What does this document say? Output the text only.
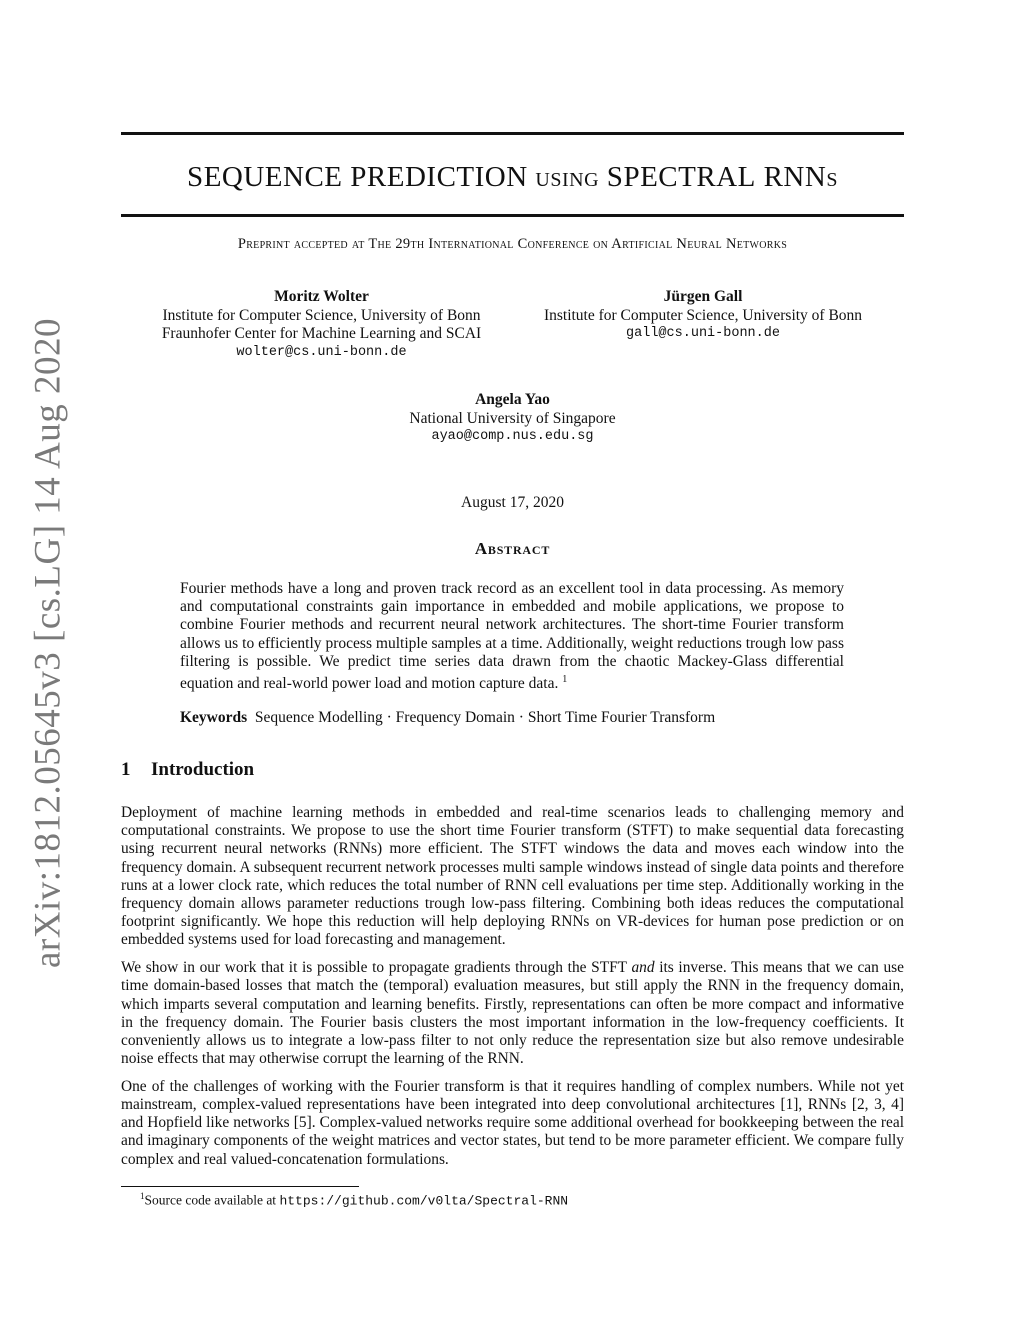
arXiv:1812.05645v3 [cs.LG] 14 Aug 2020
SEQUENCE PREDICTION using SPECTRAL RNNs
Preprint accepted at The 29th International Conference on Artificial Neural Networks
Moritz Wolter
Institute for Computer Science, University of Bonn
Fraunhofer Center for Machine Learning and SCAI
wolter@cs.uni-bonn.de
Jürgen Gall
Institute for Computer Science, University of Bonn
gall@cs.uni-bonn.de
Angela Yao
National University of Singapore
ayao@comp.nus.edu.sg
August 17, 2020
Abstract
Fourier methods have a long and proven track record as an excellent tool in data processing. As memory and computational constraints gain importance in embedded and mobile applications, we propose to combine Fourier methods and recurrent neural network architectures. The short-time Fourier transform allows us to efficiently process multiple samples at a time. Additionally, weight reductions trough low pass filtering is possible. We predict time series data drawn from the chaotic Mackey-Glass differential equation and real-world power load and motion capture data. $^1$
Keywords Sequence Modelling · Frequency Domain · Short Time Fourier Transform
1 Introduction

Deployment of machine learning methods in embedded and real-time scenarios leads to challenging memory and computational constraints. We propose to use the short time Fourier transform (STFT) to make sequential data forecasting using recurrent neural networks (RNNs) more efficient. The STFT windows the data and moves each window into the frequency domain. A subsequent recurrent network processes multi sample windows instead of single data points and therefore runs at a lower clock rate, which reduces the total number of RNN cell evaluations per time step. Additionally working in the frequency domain allows parameter reductions trough low-pass filtering. Combining both ideas reduces the computational footprint significantly. We hope this reduction will help deploying RNNs on VR-devices for human pose prediction or on embedded systems used for load forecasting and management.

We show in our work that it is possible to propagate gradients through the STFT and its inverse. This means that we can use time domain-based losses that match the (temporal) evaluation measures, but still apply the RNN in the frequency domain, which imparts several computation and learning benefits. Firstly, representations can often be more compact and informative in the frequency domain. The Fourier basis clusters the most important information in the low-frequency coefficients. It conveniently allows us to integrate a low-pass filter to not only reduce the representation size but also remove undesirable noise effects that may otherwise corrupt the learning of the RNN.

One of the challenges of working with the Fourier transform is that it requires handling of complex numbers. While not yet mainstream, complex-valued representations have been integrated into deep convolutional architectures [1], RNNs [2, 3, 4] and Hopfield like networks [5]. Complex-valued networks require some additional overhead for bookkeeping between the real and imaginary components of the weight matrices and vector states, but tend to be more parameter efficient. We compare fully complex and real valued-concatenation formulations.

$^1$Source code available at https://github.com/v0lta/Spectral-RNN
